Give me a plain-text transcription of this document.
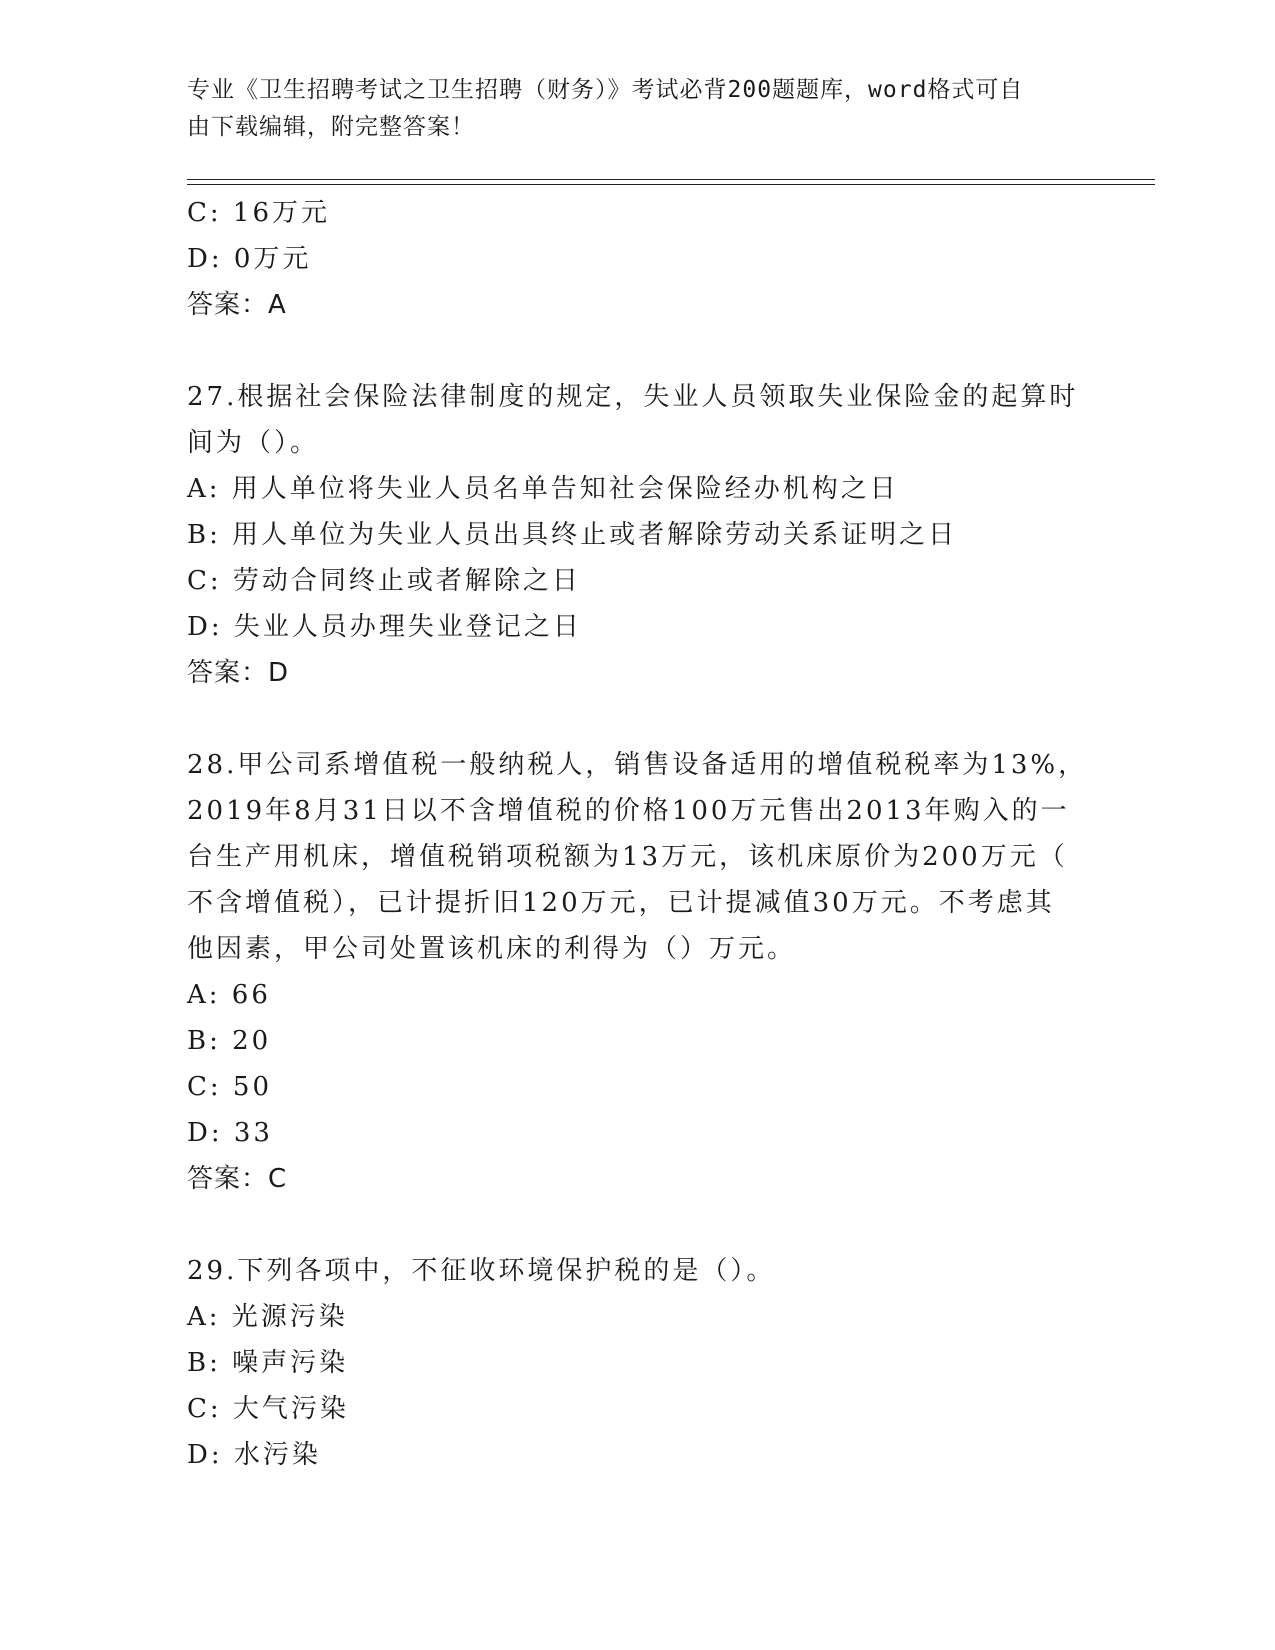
专业《卫生招聘考试之卫生招聘（财务）》考试必背200题题库，word格式可自
由下载编辑，附完整答案！
C: 16万元
D: 0万元
答案：A
27.根据社会保险法律制度的规定，失业人员领取失业保险金的起算时
间为（）。
A: 用人单位将失业人员名单告知社会保险经办机构之日
B: 用人单位为失业人员出具终止或者解除劳动关系证明之日
C: 劳动合同终止或者解除之日
D: 失业人员办理失业登记之日
答案：D
28.甲公司系增值税一般纳税人，销售设备适用的增值税税率为13%，
2019年8月31日以不含增值税的价格100万元售出2013年购入的一
台生产用机床，增值税销项税额为13万元，该机床原价为200万元（
不含增值税），已计提折旧120万元，已计提减值30万元。不考虑其
他因素，甲公司处置该机床的利得为（）万元。
A: 66
B: 20
C: 50
D: 33
答案：C
29.下列各项中，不征收环境保护税的是（）。
A: 光源污染
B: 噪声污染
C: 大气污染
D: 水污染
